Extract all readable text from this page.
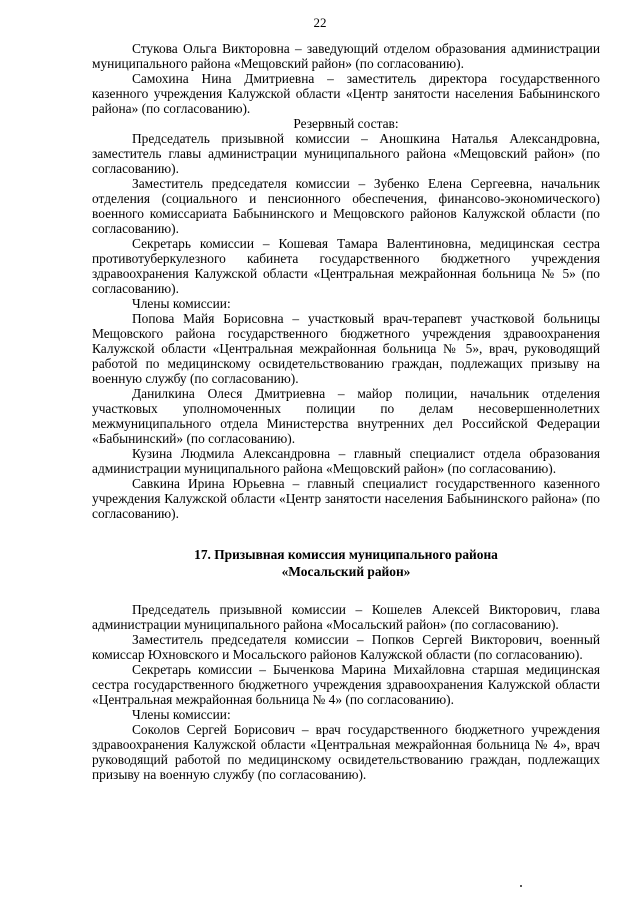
22

Стукова Ольга Викторовна – заведующий отделом образования администрации муниципального района «Мещовский район» (по согласованию).

Самохина Нина Дмитриевна – заместитель директора государственного казенного учреждения Калужской области «Центр занятости населения Бабынинского района» (по согласованию).

Резервный состав:

Председатель призывной комиссии – Аношкина Наталья Александровна, заместитель главы администрации муниципального района «Мещовский район» (по согласованию).

Заместитель председателя комиссии – Зубенко Елена Сергеевна, начальник отделения (социального и пенсионного обеспечения, финансово-экономического) военного комиссариата Бабынинского и Мещовского районов Калужской области (по согласованию).

Секретарь комиссии – Кошевая Тамара Валентиновна, медицинская сестра противотуберкулезного кабинета государственного бюджетного учреждения здравоохранения Калужской области «Центральная межрайонная больница № 5» (по согласованию).

Члены комиссии:

Попова Майя Борисовна – участковый врач-терапевт участковой больницы Мещовского района государственного бюджетного учреждения здравоохранения Калужской области «Центральная межрайонная больница № 5», врач, руководящий работой по медицинскому освидетельствованию граждан, подлежащих призыву на военную службу (по согласованию).

Данилкина Олеся Дмитриевна – майор полиции, начальник отделения участковых уполномоченных полиции по делам несовершеннолетних межмуниципального отдела Министерства внутренних дел Российской Федерации «Бабынинский» (по согласованию).

Кузина Людмила Александровна – главный специалист отдела образования администрации муниципального района «Мещовский район» (по согласованию).

Савкина Ирина Юрьевна – главный специалист государственного казенного учреждения Калужской области «Центр занятости населения Бабынинского района» (по согласованию).

17. Призывная комиссия муниципального района
«Мосальский район»

Председатель призывной комиссии – Кошелев Алексей Викторович, глава администрации муниципального района «Мосальский район» (по согласованию).

Заместитель председателя комиссии – Попков Сергей Викторович, военный комиссар Юхновского и Мосальского районов Калужской области (по согласованию).

Секретарь комиссии – Быченкова Марина Михайловна старшая медицинская сестра государственного бюджетного учреждения здравоохранения Калужской области «Центральная межрайонная больница № 4» (по согласованию).

Члены комиссии:

Соколов Сергей Борисович – врач государственного бюджетного учреждения здравоохранения Калужской области «Центральная межрайонная больница № 4», врач руководящий работой по медицинскому освидетельствованию граждан, подлежащих призыву на военную службу (по согласованию).
